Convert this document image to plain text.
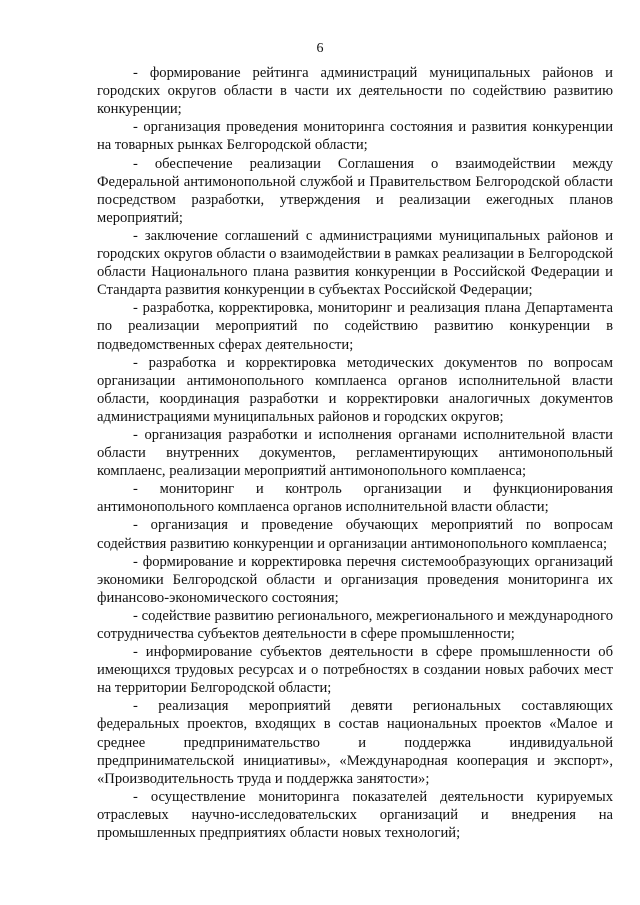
6

- формирование рейтинга администраций муниципальных районов и городских округов области в части их деятельности по содействию развитию конкуренции;

- организация проведения мониторинга состояния и развития конкуренции на товарных рынках Белгородской области;

- обеспечение реализации Соглашения о взаимодействии между Федеральной антимонопольной службой и Правительством Белгородской области посредством разработки, утверждения и реализации ежегодных планов мероприятий;

- заключение соглашений с администрациями муниципальных районов и городских округов области о взаимодействии в рамках реализации в Белгородской области Национального плана развития конкуренции в Российской Федерации и Стандарта развития конкуренции в субъектах Российской Федерации;

- разработка, корректировка, мониторинг и реализация плана Департамента по реализации мероприятий по содействию развитию конкуренции в подведомственных сферах деятельности;

- разработка и корректировка методических документов по вопросам организации антимонопольного комплаенса органов исполнительной власти области, координация разработки и корректировки аналогичных документов администрациями муниципальных районов и городских округов;

- организация разработки и исполнения органами исполнительной власти области внутренних документов, регламентирующих антимонопольный комплаенс, реализации мероприятий антимонопольного комплаенса;

- мониторинг и контроль организации и функционирования антимонопольного комплаенса органов исполнительной власти области;

- организация и проведение обучающих мероприятий по вопросам содействия развитию конкуренции и организации антимонопольного комплаенса;

- формирование и корректировка перечня системообразующих организаций экономики Белгородской области и организация проведения мониторинга их финансово-экономического состояния;

- содействие развитию регионального, межрегионального и международного сотрудничества субъектов деятельности в сфере промышленности;

- информирование субъектов деятельности в сфере промышленности об имеющихся трудовых ресурсах и о потребностях в создании новых рабочих мест на территории Белгородской области;

- реализация мероприятий девяти региональных составляющих федеральных проектов, входящих в состав национальных проектов «Малое и среднее предпринимательство и поддержка индивидуальной предпринимательской инициативы», «Международная кооперация и экспорт», «Производительность труда и поддержка занятости»;

- осуществление мониторинга показателей деятельности курируемых отраслевых научно-исследовательских организаций и внедрения на промышленных предприятиях области новых технологий;
